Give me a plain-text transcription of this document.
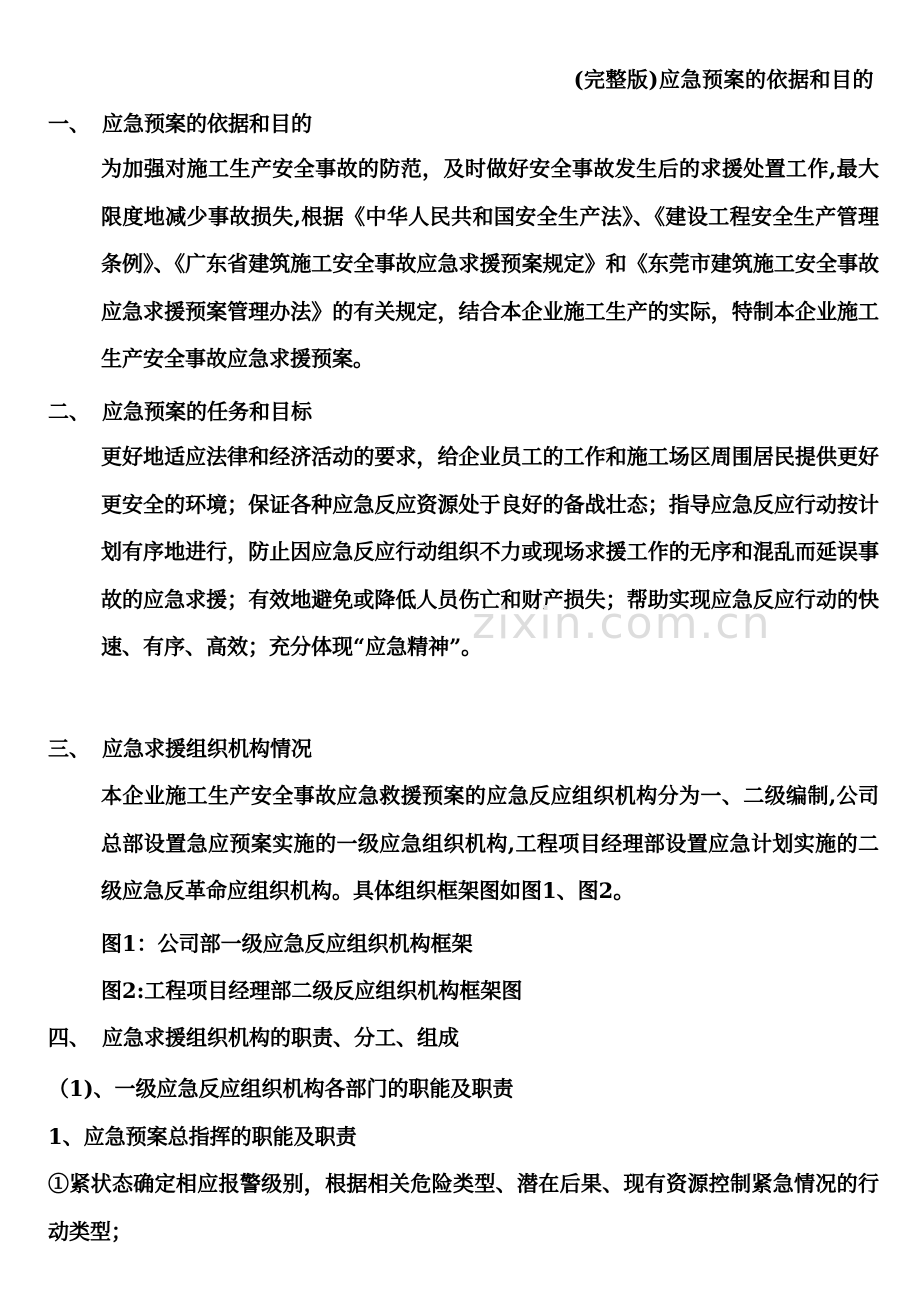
(完整版)应急预案的依据和目的
一、 应急预案的依据和目的

为加强对施工生产安全事故的防范，及时做好安全事故发生后的求援处置工作,最大限度地减少事故损失,根据《中华人民共和国安全生产法》、《建设工程安全生产管理条例》、《广东省建筑施工安全事故应急求援预案规定》和《东莞市建筑施工安全事故应急求援预案管理办法》的有关规定，结合本企业施工生产的实际，特制本企业施工生产安全事故应急求援预案。

二、 应急预案的任务和目标

更好地适应法律和经济活动的要求，给企业员工的工作和施工场区周围居民提供更好更安全的环境；保证各种应急反应资源处于良好的备战壮态；指导应急反应行动按计划有序地进行，防止因应急反应行动组织不力或现场求援工作的无序和混乱而延误事故的应急求援；有效地避免或降低人员伤亡和财产损失；帮助实现应急反应行动的快速、有序、高效；充分体现“应急精神”。

三、 应急求援组织机构情况

本企业施工生产安全事故应急救援预案的应急反应组织机构分为一、二级编制,公司总部设置急应预案实施的一级应急组织机构,工程项目经理部设置应急计划实施的二级应急反革命应组织机构。具体组织框架图如图1、图2。

图1：公司部一级应急反应组织机构框架
图2:工程项目经理部二级反应组织机构框架图
四、 应急求援组织机构的职责、分工、组成
（1)、一级应急反应组织机构各部门的职能及职责
1、应急预案总指挥的职能及职责

①紧状态确定相应报警级别，根据相关危险类型、潜在后果、现有资源控制紧急情况的行动类型；

zixin.com.cn
